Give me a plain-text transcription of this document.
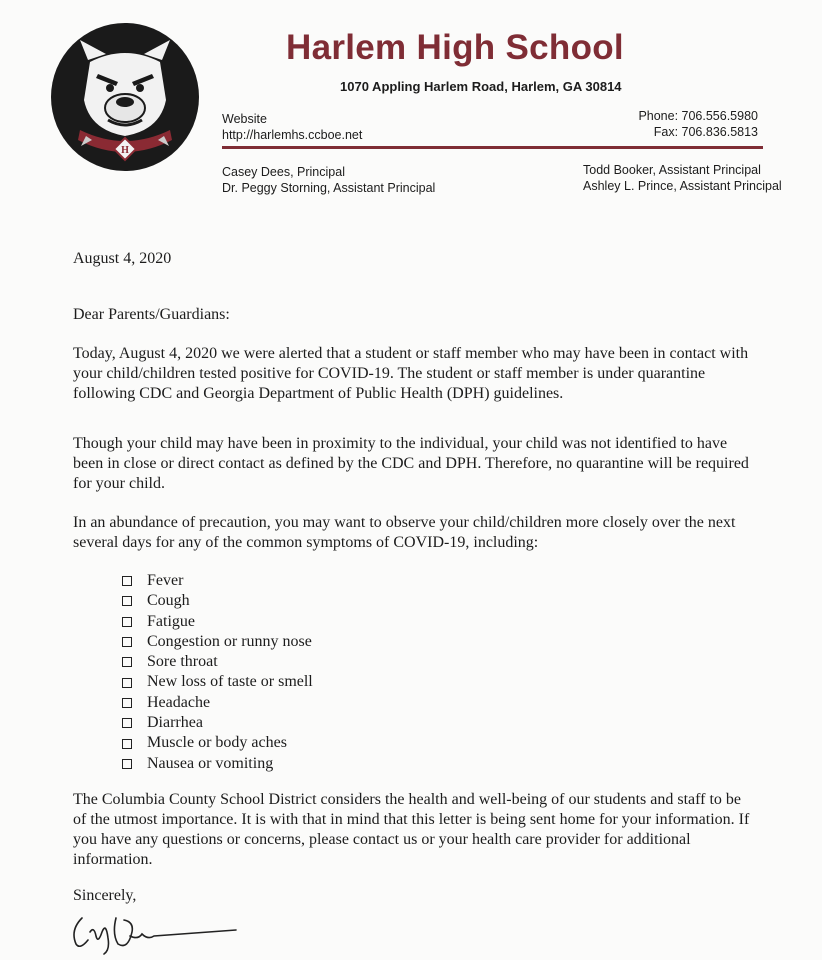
H
Harlem High School
1070 Appling Harlem Road, Harlem, GA 30814
Website
http://harlemhs.ccboe.net
Phone: 706.556.5980
Fax: 706.836.5813
Casey Dees, Principal
Dr. Peggy Storning, Assistant Principal
Todd Booker, Assistant Principal
Ashley L. Prince, Assistant Principal
August 4, 2020
Dear Parents/Guardians:
Today, August 4, 2020 we were alerted that a student or staff member who may have been in contact with your child/children tested positive for COVID-19. The student or staff member is under quarantine following CDC and Georgia Department of Public Health (DPH) guidelines.
Though your child may have been in proximity to the individual, your child was not identified to have been in close or direct contact as defined by the CDC and DPH. Therefore, no quarantine will be required for your child.
In an abundance of precaution, you may want to observe your child/children more closely over the next several days for any of the common symptoms of COVID-19, including:
Fever
Cough
Fatigue
Congestion or runny nose
Sore throat
New loss of taste or smell
Headache
Diarrhea
Muscle or body aches
Nausea or vomiting
The Columbia County School District considers the health and well-being of our students and staff to be of the utmost importance. It is with that in mind that this letter is being sent home for your information. If you have any questions or concerns, please contact us or your health care provider for additional information.
Sincerely,
